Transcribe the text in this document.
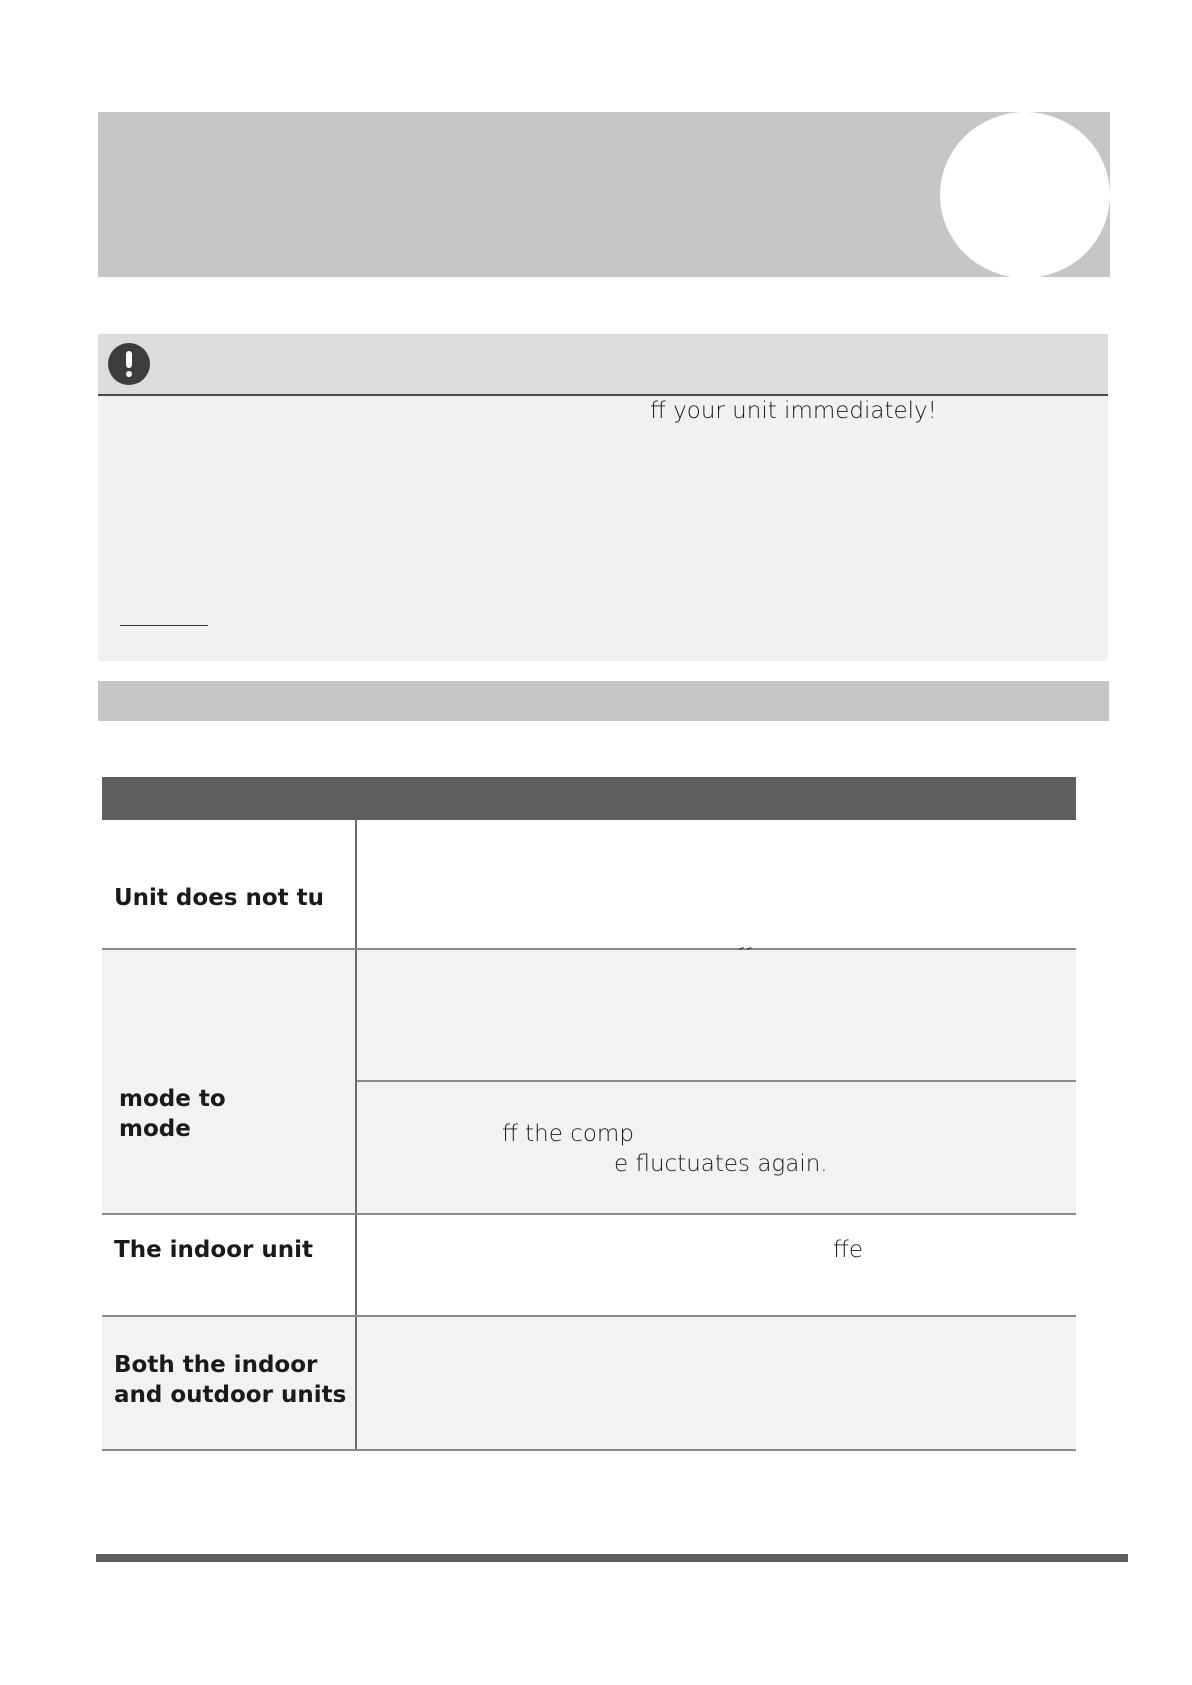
ff your unit immediately!
Unit does not tu
mode to
mode	ff the comp
e fluctuates again.
The indoor unit	ffe
Both the indoor
and outdoor units
